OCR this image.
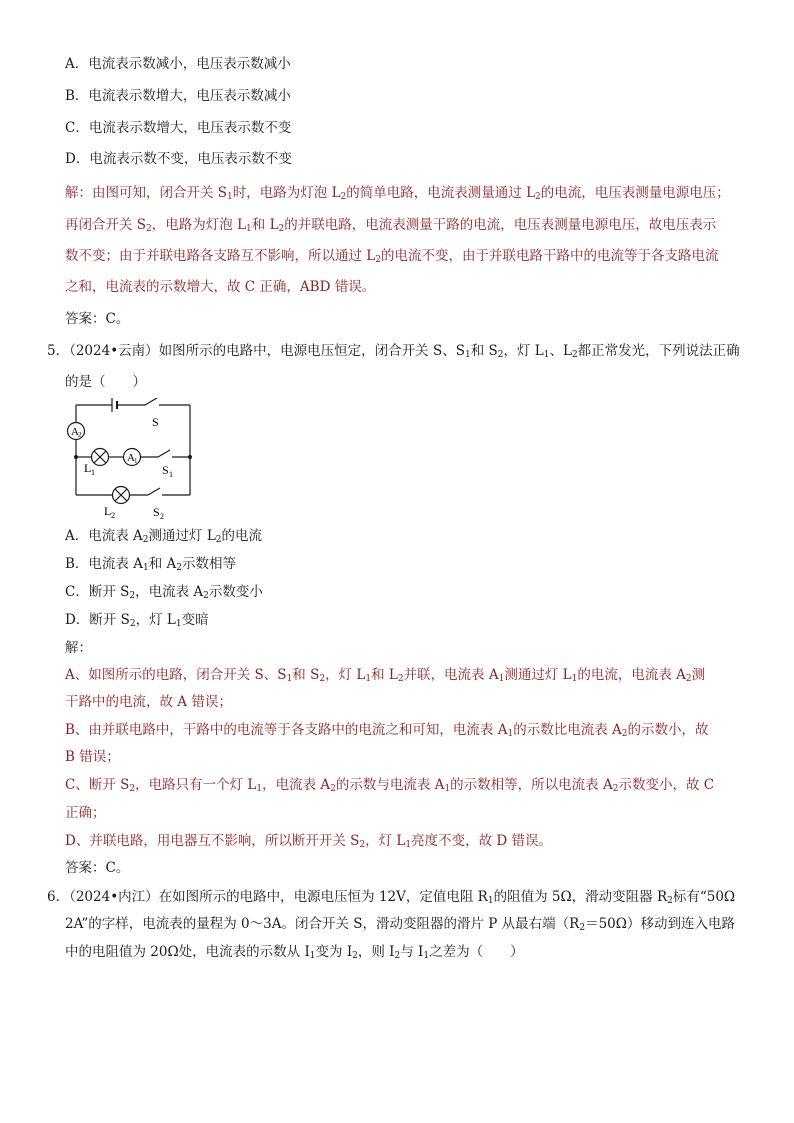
A．电流表示数减小，电压表示数减小
B．电流表示数增大，电压表示数减小
C．电流表示数增大，电压表示数不变
D．电流表示数不变，电压表示数不变
解：由图可知，闭合开关 $S_1$时，电路为灯泡 $L_2$的简单电路，电流表测量通过 $L_2$的电流，电压表测量电源电压；
再闭合开关 $S_2$，电路为灯泡 $L_1$和 $L_2$的并联电路，电流表测量干路的电流，电压表测量电源电压，故电压表示
数不变；由于并联电路各支路互不影响，所以通过 $L_2$的电流不变，由于并联电路干路中的电流等于各支路电流
之和，电流表的示数增大，故 C 正确，ABD 错误。
答案：C。
5．（2024•云南）如图所示的电路中，电源电压恒定，闭合开关 S、$S_1$和 $S_2$，灯 $L_1$、$L_2$都正常发光，下列说法正确
的是（　　）
A 2
A 1
S
L 1	S 1
L 2	S 2
A．电流表 $A_2$测通过灯 $L_2$的电流
B．电流表 $A_1$和 $A_2$示数相等
C．断开 $S_2$，电流表 $A_2$示数变小
D．断开 $S_2$，灯 $L_1$变暗
解：
A、如图所示的电路，闭合开关 S、$S_1$和 $S_2$，灯 $L_1$和 $L_2$并联，电流表 $A_1$测通过灯 $L_1$的电流，电流表 $A_2$测
干路中的电流，故 A 错误；
B、由并联电路中，干路中的电流等于各支路中的电流之和可知，电流表 $A_1$的示数比电流表 $A_2$的示数小，故
B 错误；
C、断开 $S_2$，电路只有一个灯 $L_1$，电流表 $A_2$的示数与电流表 $A_1$的示数相等，所以电流表 $A_2$示数变小，故 C
正确；
D、并联电路，用电器互不影响，所以断开开关 $S_2$，灯 $L_1$亮度不变，故 D 错误。
答案：C。
6．（2024•内江）在如图所示的电路中，电源电压恒为 12V，定值电阻 $R_1$的阻值为 5Ω，滑动变阻器 $R_2$标有“50Ω
2A”的字样，电流表的量程为 0～3A。闭合开关 S，滑动变阻器的滑片 P 从最右端$(R_2=50\Omega)$移动到连入电路
中的电阻值为 20Ω处，电流表的示数从 $I_1$变为 $I_2$，则 $I_2$与 $I_1$之差为（　　）
